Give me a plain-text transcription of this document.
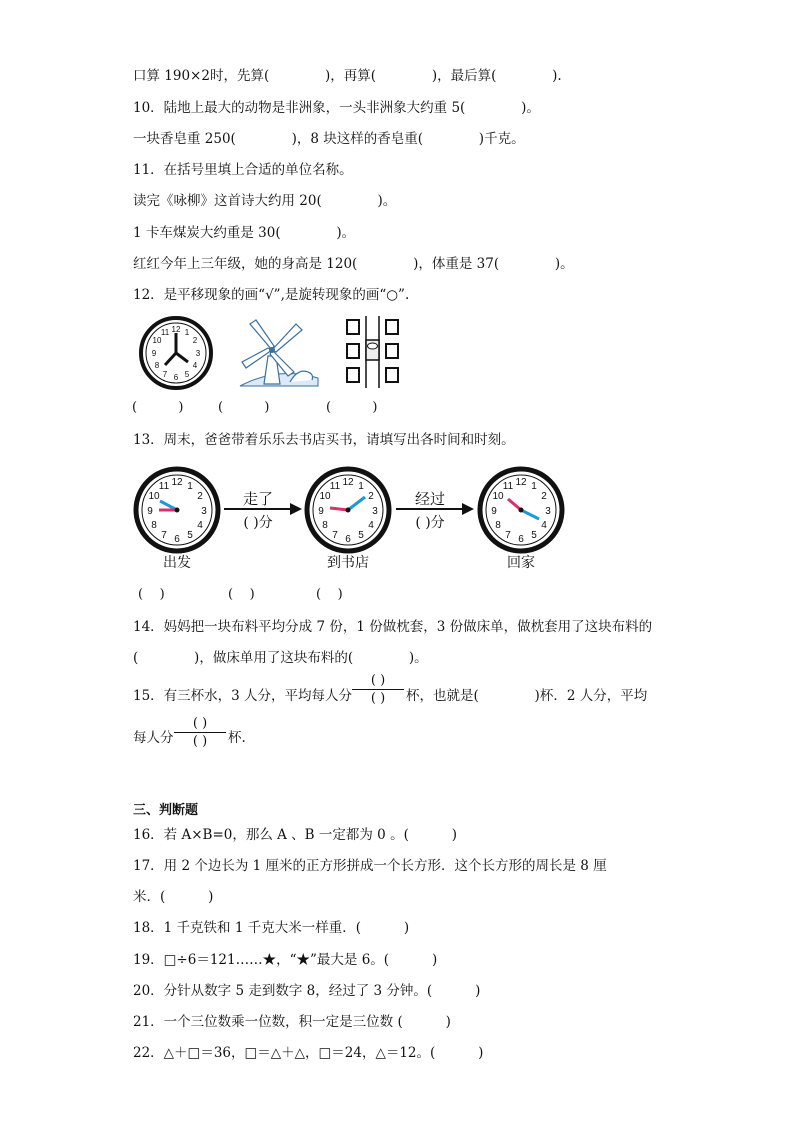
口算 190×2时，先算(             )，再算(             )，最后算(             ).
10．陆地上最大的动物是非洲象，一头非洲象大约重 5(             )。
一块香皂重 250(             )，8 块这样的香皂重(             )千克。
11．在括号里填上合适的单位名称。
读完《咏柳》这首诗大约用 20(             )。
1 卡车煤炭大约重是 30(             )。
红红今年上三年级，她的身高是 120(             )，体重是 37(             )。
12．是平移现象的画“√”,是旋转现象的画“○”.
12 1
2
3
4
5
6
7
8
9
10
11
(          )	(          )	(          )
13．周末，爸爸带着乐乐去书店买书，请填写出各时间和时刻。
12 1
2
3
4
5
6
7
8
9
10
11	12 1
2
3
4
5
6
7
8
9
10
11	12 1
2
3
4
5
6
7
8
9
10
11
走了
( )分
经过
( )分
出发	到书店	回家
(    )	(    )	(    )
14．妈妈把一块布料平均分成 7 份，1 份做枕套，3 份做床单，做枕套用了这块布料的
(             )，做床单用了这块布料的(             )。
15．有三杯水，3 人分，平均每人分
( )
( ) 杯，也就是(             )杯．2 人分，平均
每人分
( )
( ) 杯.
三、判断题
16．若 A×B=0，那么 A 、B 一定都为 0 。(          )
17．用 2 个边长为 1 厘米的正方形拼成一个长方形．这个长方形的周长是 8 厘
米．(          )
18．1 千克铁和 1 千克大米一样重．(          )
19．□÷6＝121……★，“★”最大是 6。(          )
20．分针从数字 5 走到数字 8，经过了 3 分钟。(          )
21．一个三位数乘一位数，积一定是三位数 (          )
22．△＋□＝36，□＝△＋△，□＝24，△＝12。(          )
